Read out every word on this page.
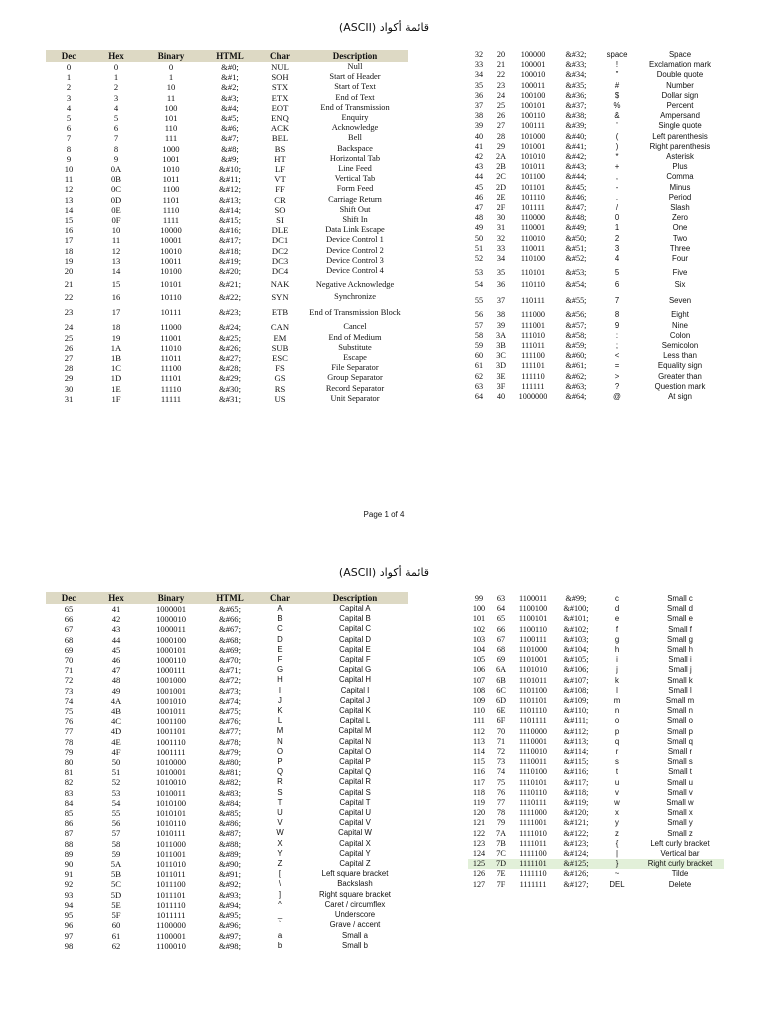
قائمة أكواد (ASCII)
Dec	Hex	Binary	HTML	Char	Description
0	0	0	&#0;	NUL	Null
1	1	1	&#1;	SOH	Start of Header
2	2	10	&#2;	STX	Start of Text
3	3	11	&#3;	ETX	End of Text
4	4	100	&#4;	EOT	End of Transmission
5	5	101	&#5;	ENQ	Enquiry
6	6	110	&#6;	ACK	Acknowledge
7	7	111	&#7;	BEL	Bell
8	8	1000	&#8;	BS	Backspace
9	9	1001	&#9;	HT	Horizontal Tab
10	0A	1010	&#10;	LF	Line Feed
11	0B	1011	&#11;	VT	Vertical Tab
12	0C	1100	&#12;	FF	Form Feed
13	0D	1101	&#13;	CR	Carriage Return
14	0E	1110	&#14;	SO	Shift Out
15	0F	1111	&#15;	SI	Shift In
16	10	10000	&#16;	DLE	Data Link Escape
17	11	10001	&#17;	DC1	Device Control 1
18	12	10010	&#18;	DC2	Device Control 2
19	13	10011	&#19;	DC3	Device Control 3
20	14	10100	&#20;	DC4	Device Control 4
21	15	10101	&#21;	NAK	Negative Acknowledge
22	16	10110	&#22;	SYN	Synchronize
23	17	10111	&#23;	ETB	End of Transmission Block
24	18	11000	&#24;	CAN	Cancel
25	19	11001	&#25;	EM	End of Medium
26	1A	11010	&#26;	SUB	Substitute
27	1B	11011	&#27;	ESC	Escape
28	1C	11100	&#28;	FS	File Separator
29	1D	11101	&#29;	GS	Group Separator
30	1E	11110	&#30;	RS	Record Separator
31	1F	11111	&#31;	US	Unit Separator
32	20	100000	&#32;	space	Space
33	21	100001	&#33;	!	Exclamation mark
34	22	100010	&#34;	"	Double quote
35	23	100011	&#35;	#	Number
36	24	100100	&#36;	$	Dollar sign
37	25	100101	&#37;	%	Percent
38	26	100110	&#38;	&	Ampersand
39	27	100111	&#39;	'	Single quote
40	28	101000	&#40;	(	Left parenthesis
41	29	101001	&#41;	)	Right parenthesis
42	2A	101010	&#42;	*	Asterisk
43	2B	101011	&#43;	+	Plus
44	2C	101100	&#44;	,	Comma
45	2D	101101	&#45;	-	Minus
46	2E	101110	&#46;	.	Period
47	2F	101111	&#47;	/	Slash
48	30	110000	&#48;	0	Zero
49	31	110001	&#49;	1	One
50	32	110010	&#50;	2	Two
51	33	110011	&#51;	3	Three
52	34	110100	&#52;	4	Four
53	35	110101	&#53;	5	Five
54	36	110110	&#54;	6	Six
55	37	110111	&#55;	7	Seven
56	38	111000	&#56;	8	Eight
57	39	111001	&#57;	9	Nine
58	3A	111010	&#58;	:	Colon
59	3B	111011	&#59;	;	Semicolon
60	3C	111100	&#60;	<	Less than
61	3D	111101	&#61;	=	Equality sign
62	3E	111110	&#62;	>	Greater than
63	3F	111111	&#63;	?	Question mark
64	40	1000000	&#64;	@	At sign
Page 1 of 4
قائمة أكواد (ASCII)
Dec	Hex	Binary	HTML	Char	Description
65	41	1000001	&#65;	A	Capital A
66	42	1000010	&#66;	B	Capital B
67	43	1000011	&#67;	C	Capital C
68	44	1000100	&#68;	D	Capital D
69	45	1000101	&#69;	E	Capital E
70	46	1000110	&#70;	F	Capital F
71	47	1000111	&#71;	G	Capital G
72	48	1001000	&#72;	H	Capital H
73	49	1001001	&#73;	I	Capital I
74	4A	1001010	&#74;	J	Capital J
75	4B	1001011	&#75;	K	Capital K
76	4C	1001100	&#76;	L	Capital L
77	4D	1001101	&#77;	M	Capital M
78	4E	1001110	&#78;	N	Capital N
79	4F	1001111	&#79;	O	Capital O
80	50	1010000	&#80;	P	Capital P
81	51	1010001	&#81;	Q	Capital Q
82	52	1010010	&#82;	R	Capital R
83	53	1010011	&#83;	S	Capital S
84	54	1010100	&#84;	T	Capital T
85	55	1010101	&#85;	U	Capital U
86	56	1010110	&#86;	V	Capital V
87	57	1010111	&#87;	W	Capital W
88	58	1011000	&#88;	X	Capital X
89	59	1011001	&#89;	Y	Capital Y
90	5A	1011010	&#90;	Z	Capital Z
91	5B	1011011	&#91;	[	Left square bracket
92	5C	1011100	&#92;	\	Backslash
93	5D	1011101	&#93;	]	Right square bracket
94	5E	1011110	&#94;	^	Caret / circumflex
95	5F	1011111	&#95;	_	Underscore
96	60	1100000	&#96;	`	Grave / accent
97	61	1100001	&#97;	a	Small a
98	62	1100010	&#98;	b	Small b
99	63	1100011	&#99;	c	Small c
100	64	1100100	&#100;	d	Small d
101	65	1100101	&#101;	e	Small e
102	66	1100110	&#102;	f	Small f
103	67	1100111	&#103;	g	Small g
104	68	1101000	&#104;	h	Small h
105	69	1101001	&#105;	i	Small i
106	6A	1101010	&#106;	j	Small j
107	6B	1101011	&#107;	k	Small k
108	6C	1101100	&#108;	l	Small l
109	6D	1101101	&#109;	m	Small m
110	6E	1101110	&#110;	n	Small n
111	6F	1101111	&#111;	o	Small o
112	70	1110000	&#112;	p	Small p
113	71	1110001	&#113;	q	Small q
114	72	1110010	&#114;	r	Small r
115	73	1110011	&#115;	s	Small s
116	74	1110100	&#116;	t	Small t
117	75	1110101	&#117;	u	Small u
118	76	1110110	&#118;	v	Small v
119	77	1110111	&#119;	w	Small w
120	78	1111000	&#120;	x	Small x
121	79	1111001	&#121;	y	Small y
122	7A	1111010	&#122;	z	Small z
123	7B	1111011	&#123;	{	Left curly bracket
124	7C	1111100	&#124;	|	Vertical bar
125	7D	1111101	&#125;	}	Right curly bracket
126	7E	1111110	&#126;	~	Tilde
127	7F	1111111	&#127;	DEL	Delete
